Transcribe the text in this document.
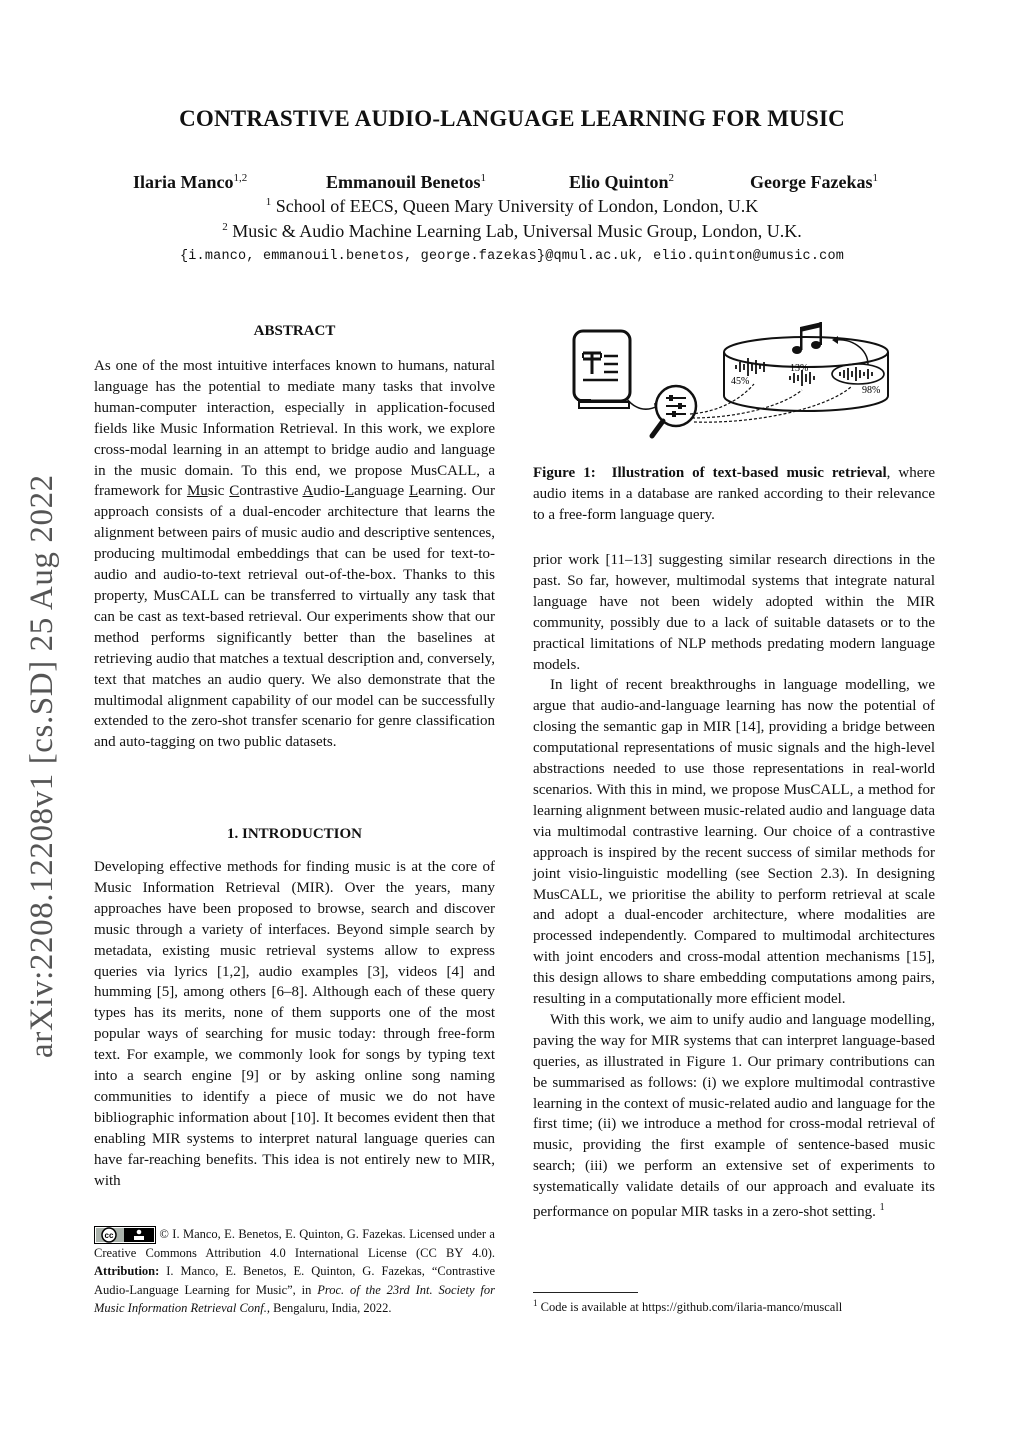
CONTRASTIVE AUDIO-LANGUAGE LEARNING FOR MUSIC
Ilaria Manco$^{1,2}$	Emmanouil Benetos$^1$	Elio Quinton$^2$	George Fazekas$^1$
$^1$ School of EECS, Queen Mary University of London, London, U.K
$^2$ Music & Audio Machine Learning Lab, Universal Music Group, London, U.K.
{i.manco, emmanouil.benetos, george.fazekas}@qmul.ac.uk, elio.quinton@umusic.com
arXiv:2208.12208v1 [cs.SD] 25 Aug 2022
ABSTRACT

As one of the most intuitive interfaces known to humans, natural language has the potential to mediate many tasks that involve human-computer interaction, especially in application-focused fields like Music Information Retrieval. In this work, we explore cross-modal learning in an attempt to bridge audio and language in the music domain. To this end, we propose MusCALL, a framework for Music Contrastive Audio-Language Learning. Our approach consists of a dual-encoder architecture that learns the alignment between pairs of music audio and descriptive sentences, producing multimodal embeddings that can be used for text-to-audio and audio-to-text retrieval out-of-the-box. Thanks to this property, MusCALL can be transferred to virtually any task that can be cast as text-based retrieval. Our experiments show that our method performs significantly better than the baselines at retrieving audio that matches a textual description and, conversely, text that matches an audio query. We also demonstrate that the multimodal alignment capability of our model can be successfully extended to the zero-shot transfer scenario for genre classification and auto-tagging on two public datasets.

1. INTRODUCTION

Developing effective methods for finding music is at the core of Music Information Retrieval (MIR). Over the years, many approaches have been proposed to browse, search and discover music through a variety of interfaces. Beyond simple search by metadata, existing music retrieval systems allow to express queries via lyrics [1,2], audio examples [3], videos [4] and humming [5], among others [6–8]. Although each of these query types has its merits, none of them supports one of the most popular ways of searching for music today: through free-form text. For example, we commonly look for songs by typing text into a search engine [9] or by asking online song naming communities to identify a piece of music we do not have bibliographic information about [10]. It becomes evident then that enabling MIR systems to interpret natural language queries can have far-reaching benefits. This idea is not entirely new to MIR, with

cc	© I. Manco, E. Benetos, E. Quinton, G. Fazekas. Licensed under a Creative Commons Attribution 4.0 International License (CC BY 4.0). Attribution: I. Manco, E. Benetos, E. Quinton, G. Fazekas, “Contrastive Audio-Language Learning for Music”, in Proc. of the 23rd Int. Society for Music Information Retrieval Conf., Bengaluru, India, 2022.
45%
13%
98%
Figure 1:  Illustration of text-based music retrieval, where audio items in a database are ranked according to their relevance to a free-form language query.

prior work [11–13] suggesting similar research directions in the past. So far, however, multimodal systems that integrate natural language have not been widely adopted within the MIR community, possibly due to a lack of suitable datasets or to the practical limitations of NLP methods predating modern language models.

In light of recent breakthroughs in language modelling, we argue that audio-and-language learning has now the potential of closing the semantic gap in MIR [14], providing a bridge between computational representations of music signals and the high-level abstractions needed to use those representations in real-world scenarios. With this in mind, we propose MusCALL, a method for learning alignment between music-related audio and language data via multimodal contrastive learning. Our choice of a contrastive approach is inspired by the recent success of similar methods for joint visio-linguistic modelling (see Section 2.3). In designing MusCALL, we prioritise the ability to perform retrieval at scale and adopt a dual-encoder architecture, where modalities are processed independently. Compared to multimodal architectures with joint encoders and cross-modal attention mechanisms [15], this design allows to share embedding computations among pairs, resulting in a computationally more efficient model.

With this work, we aim to unify audio and language modelling, paving the way for MIR systems that can interpret language-based queries, as illustrated in Figure 1. Our primary contributions can be summarised as follows: (i) we explore multimodal contrastive learning in the context of music-related audio and language for the first time; (ii) we introduce a method for cross-modal retrieval of music, providing the first example of sentence-based music search; (iii) we perform an extensive set of experiments to systematically validate details of our approach and evaluate its performance on popular MIR tasks in a zero-shot setting. $^1$

$^1$ Code is available at https://github.com/ilaria-manco/muscall
